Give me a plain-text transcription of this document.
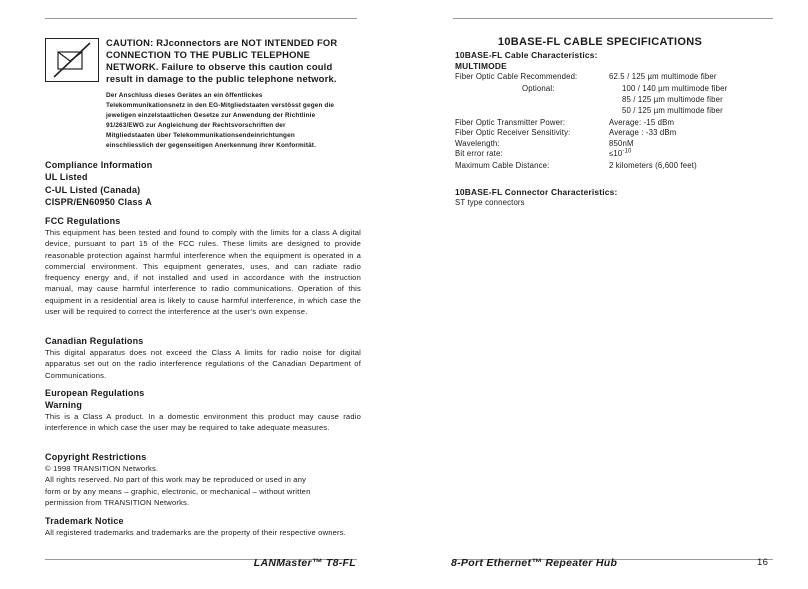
CAUTION: RJconnectors are NOT INTENDED FOR CONNECTION TO THE PUBLIC TELEPHONE NETWORK. Failure to observe this caution could result in damage to the public telephone network.
Der Anschluss dieses Gerätes an ein öffentlickes
Telekommunikationsnetz in den EG-Mitgliedstaaten verstösst gegen die
jeweligen einzelstaatlichen Gesetze zur Anwendung der Richtlinie
91/263/EWG zur Angleichung der Rechtsvorschriften der
Mitgliedstaaten über Telekommunikationsendeinrichtungen
einschliesslich der gegenseitigen Anerkennung ihrer Konformität.
Compliance Information
UL Listed
C-UL Listed (Canada)
CISPR/EN60950 Class A
FCC Regulations
This equipment has been tested and found to comply with the limits for a class A digital device, pursuant to part 15 of the FCC rules. These limits are designed to provide reasonable protection against harmful interference when the equipment is operated in a commercial environment. This equipment generates, uses, and can radiate radio frequency energy and, if not installed and used in accordance with the instruction manual, may cause harmful interference to radio communications. Operation of this equipment in a residential area is likely to cause harmful interference, in which case the user will be required to correct the interference at the user's own expense.
Canadian Regulations
This digital apparatus does not exceed the Class A limits for radio noise for digital apparatus set out on the radio interference regulations of the Canadian Department of Communications.
European Regulations
Warning
This is a Class A product. In a domestic environment this product may cause radio interference in which case the user may be required to take adequate measures.
Copyright Restrictions
© 1998 TRANSITION Networks.
All rights reserved. No part of this work may be reproduced or used in any
form or by any means – graphic, electronic, or mechanical – without written
permission from TRANSITION Networks.
Trademark Notice
All registered trademarks and trademarks are the property of their respective owners.
LANMaster™ T8-FL
10BASE-FL CABLE SPECIFICATIONS
10BASE-FL Cable Characteristics:
MULTIMODE
Fiber Optic Cable Recommended:	62.5 / 125 µm multimode fiber
Optional:	100 / 140 µm multimode fiber
85 / 125 µm multimode fiber
50 / 125 µm multimode fiber
Fiber Optic Transmitter Power:	Average: -15 dBm
Fiber Optic Receiver Sensitivity:	Average : -33 dBm
Wavelength:	850nM
Bit error rate:	$\le 10^{-10}$
Maximum Cable Distance:	2 kilometers (6,600 feet)
10BASE-FL Connector Characteristics:
ST type connectors
8-Port Ethernet™ Repeater Hub	16
